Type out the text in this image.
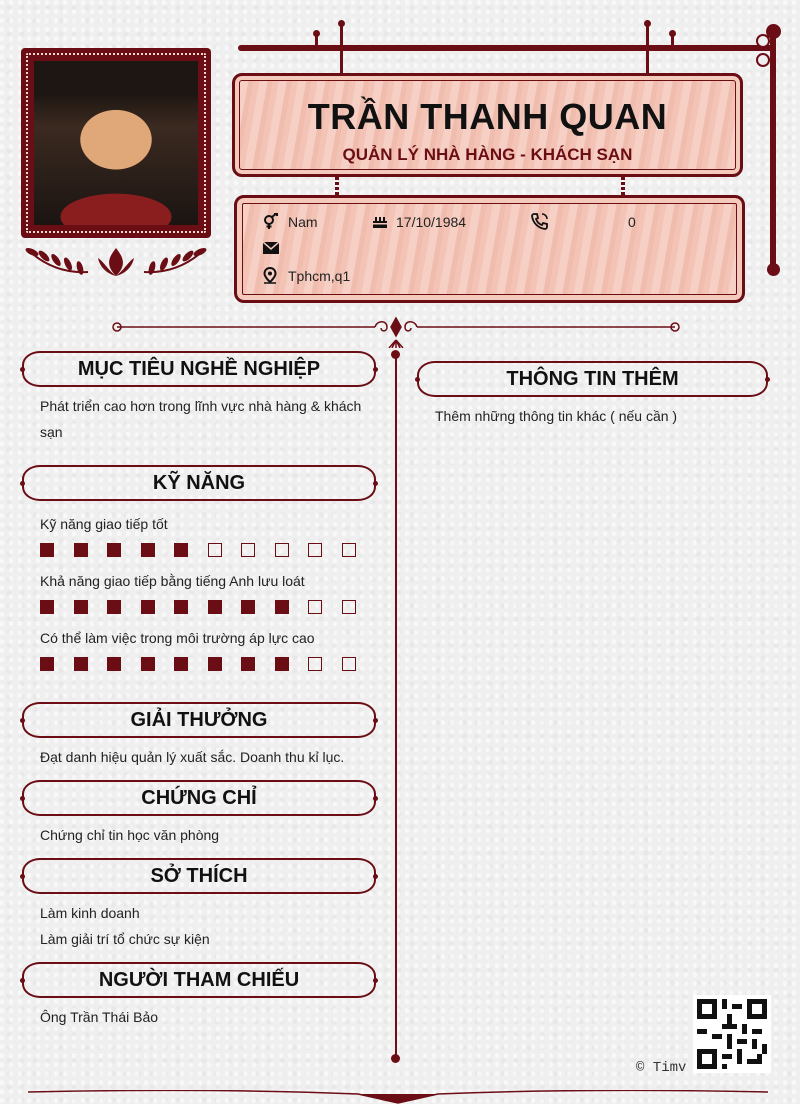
TRẦN THANH QUAN
QUẢN LÝ NHÀ HÀNG - KHÁCH SẠN
Nam	17/10/1984	0
Tphcm,q1
MỤC TIÊU NGHỀ NGHIỆP
Phát triển cao hơn trong lĩnh vực nhà hàng & khách sạn
KỸ NĂNG
Kỹ năng giao tiếp tốt
Khả năng giao tiếp bằng tiếng Anh lưu loát
Có thể làm việc trong môi trường áp lực cao
GIẢI THƯỞNG
Đạt danh hiệu quản lý xuất sắc. Doanh thu kỉ lục.
CHỨNG CHỈ
Chứng chỉ tin học văn phòng
SỞ THÍCH
Làm kinh doanh
Làm giải trí tổ chức sự kiện
NGƯỜI THAM CHIẾU
Ông Trần Thái Bảo
THÔNG TIN THÊM
Thêm những thông tin khác ( nếu cần )
© Timv
